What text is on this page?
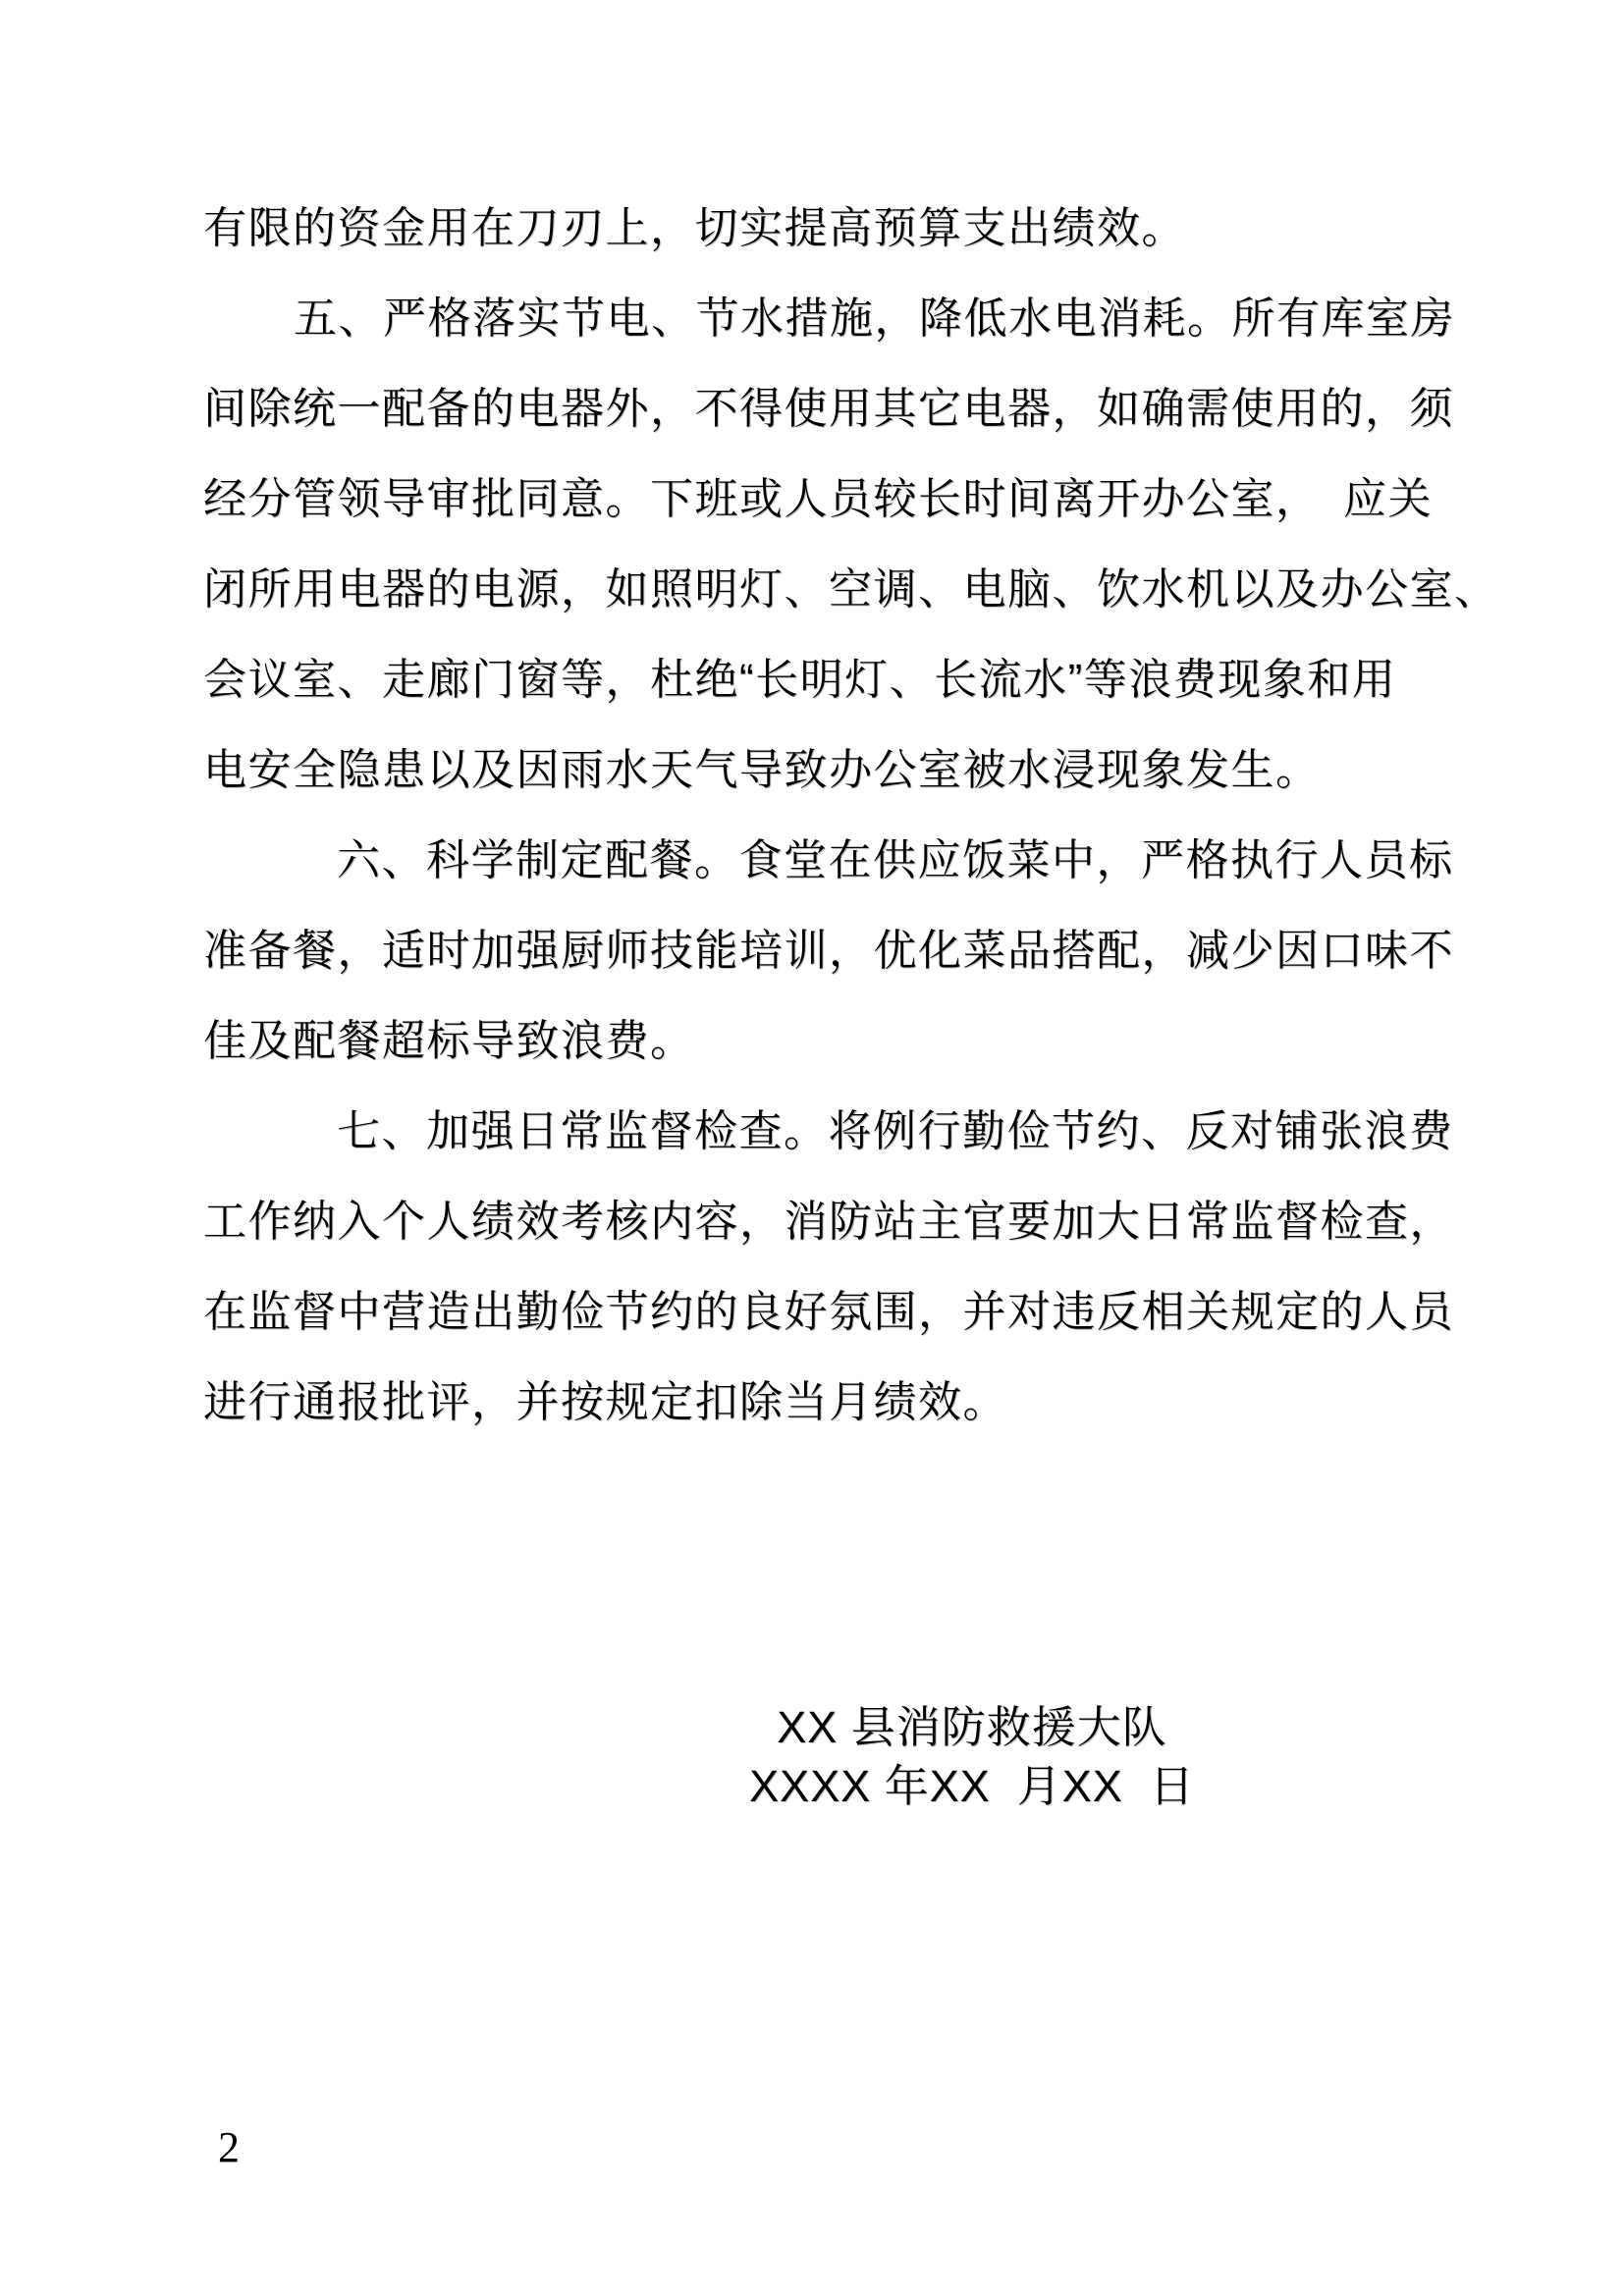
有限的资金用在刀刃上，切实提高预算支出绩效。
五、严格落实节电、节水措施，降低水电消耗。所有库室房
间除统一配备的电器外，不得使用其它电器，如确需使用的，须
经分管领导审批同意。下班或人员较长时间离开办公室，　应关
闭所用电器的电源，如照明灯、空调、电脑、饮水机以及办公室、
会议室、走廊门窗等，杜绝“长明灯、长流水”等浪费现象和用
电安全隐患以及因雨水天气导致办公室被水浸现象发生。
六、科学制定配餐。食堂在供应饭菜中，严格执行人员标
准备餐，适时加强厨师技能培训，优化菜品搭配，减少因口味不
佳及配餐超标导致浪费。
七、加强日常监督检查。将例行勤俭节约、反对铺张浪费
工作纳入个人绩效考核内容，消防站主官要加大日常监督检查，
在监督中营造出勤俭节约的良好氛围，并对违反相关规定的人员
进行通报批评，并按规定扣除当月绩效。
XX 县消防救援大队
XXXX 年XX  月XX  日
2
